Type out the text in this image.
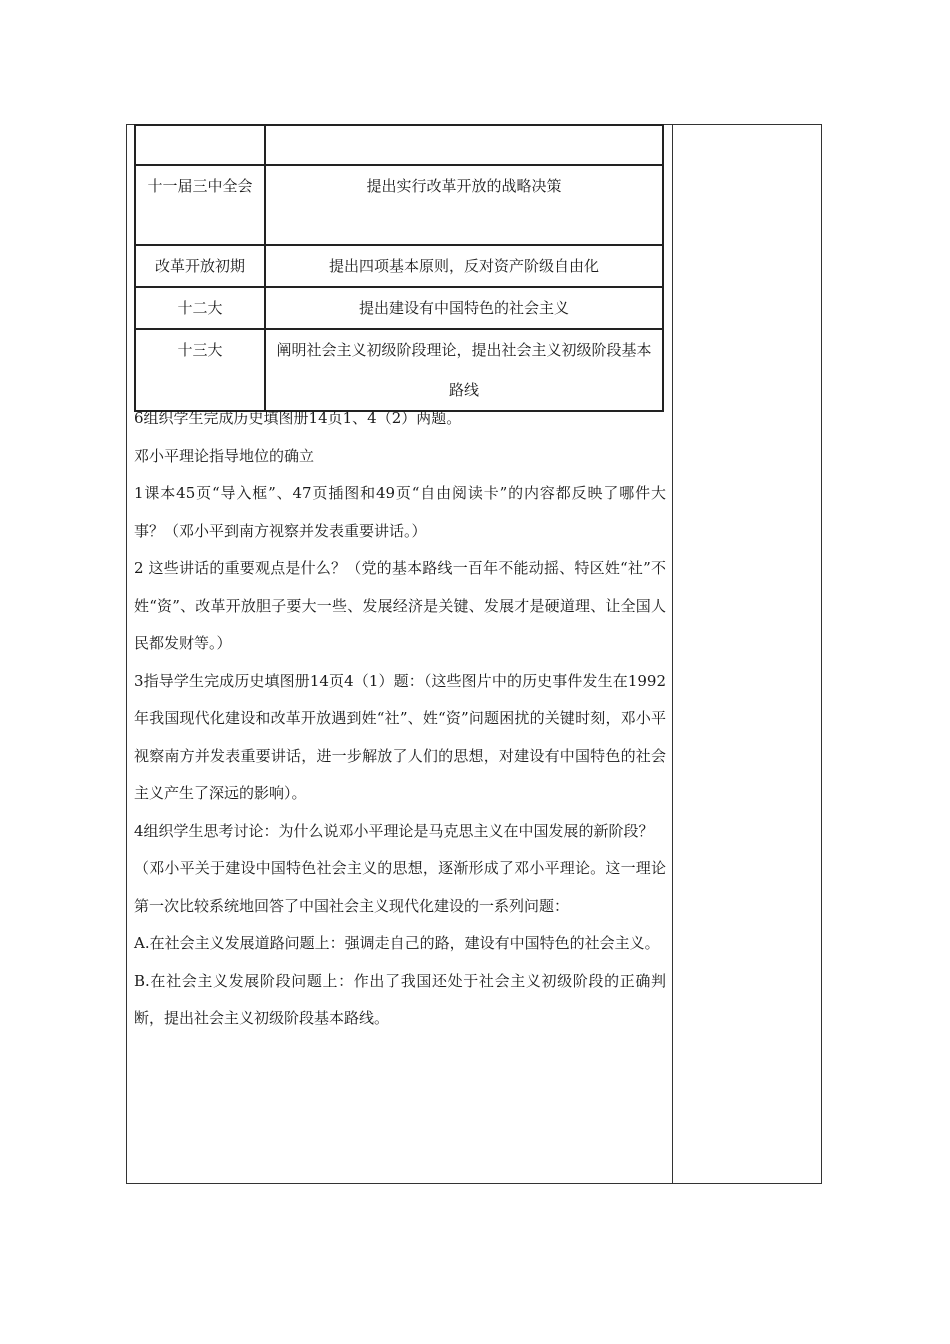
十一届三中全会	提出实行改革开放的战略决策
改革开放初期	提出四项基本原则，反对资产阶级自由化
十二大	提出建设有中国特色的社会主义
十三大	阐明社会主义初级阶段理论，提出社会主义初级阶段基本路线

6组织学生完成历史填图册14页1、4（2）两题。

邓小平理论指导地位的确立

1课本45页“导入框”、47页插图和49页“自由阅读卡”的内容都反映了哪件大事？（邓小平到南方视察并发表重要讲话。）

2 这些讲话的重要观点是什么？（党的基本路线一百年不能动摇、特区姓“社”不姓“资”、改革开放胆子要大一些、发展经济是关键、发展才是硬道理、让全国人民都发财等。）

3指导学生完成历史填图册14页4（1）题：（这些图片中的历史事件发生在1992年我国现代化建设和改革开放遇到姓“社”、姓“资”问题困扰的关键时刻，邓小平视察南方并发表重要讲话，进一步解放了人们的思想，对建设有中国特色的社会主义产生了深远的影响）。

4组织学生思考讨论：为什么说邓小平理论是马克思主义在中国发展的新阶段？

（邓小平关于建设中国特色社会主义的思想，逐渐形成了邓小平理论。这一理论第一次比较系统地回答了中国社会主义现代化建设的一系列问题：

A.在社会主义发展道路问题上：强调走自己的路，建设有中国特色的社会主义。

B.在社会主义发展阶段问题上：作出了我国还处于社会主义初级阶段的正确判断，提出社会主义初级阶段基本路线。
